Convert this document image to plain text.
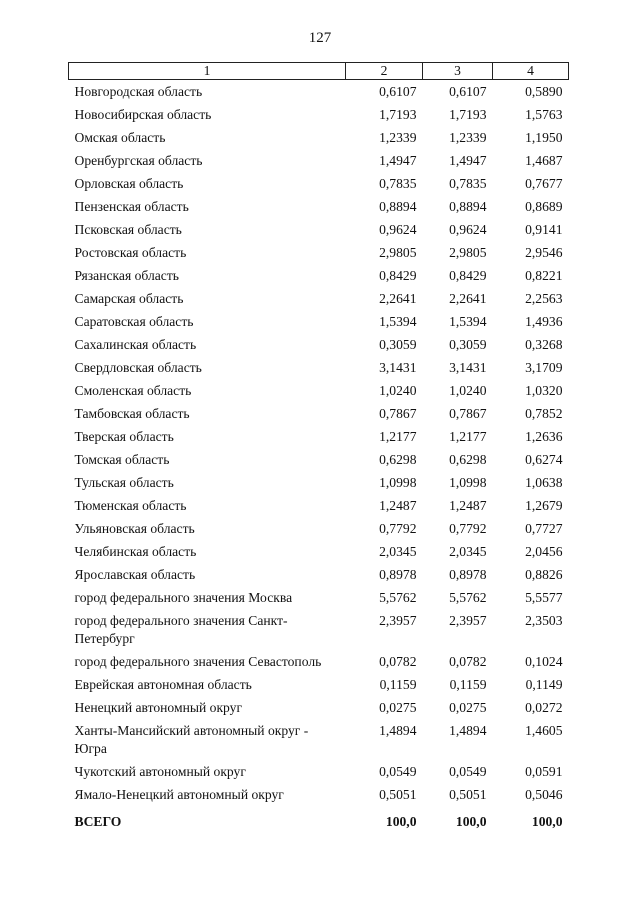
127
1	2	3	4
Новгородская область	0,6107	0,6107	0,5890
Новосибирская область	1,7193	1,7193	1,5763
Омская область	1,2339	1,2339	1,1950
Оренбургская область	1,4947	1,4947	1,4687
Орловская область	0,7835	0,7835	0,7677
Пензенская область	0,8894	0,8894	0,8689
Псковская область	0,9624	0,9624	0,9141
Ростовская область	2,9805	2,9805	2,9546
Рязанская область	0,8429	0,8429	0,8221
Самарская область	2,2641	2,2641	2,2563
Саратовская область	1,5394	1,5394	1,4936
Сахалинская область	0,3059	0,3059	0,3268
Свердловская область	3,1431	3,1431	3,1709
Смоленская область	1,0240	1,0240	1,0320
Тамбовская область	0,7867	0,7867	0,7852
Тверская область	1,2177	1,2177	1,2636
Томская область	0,6298	0,6298	0,6274
Тульская область	1,0998	1,0998	1,0638
Тюменская область	1,2487	1,2487	1,2679
Ульяновская область	0,7792	0,7792	0,7727
Челябинская область	2,0345	2,0345	2,0456
Ярославская область	0,8978	0,8978	0,8826
город федерального значения Москва	5,5762	5,5762	5,5577
город федерального значения Санкт-Петербург	2,3957	2,3957	2,3503
город федерального значения Севастополь	0,0782	0,0782	0,1024
Еврейская автономная область	0,1159	0,1159	0,1149
Ненецкий автономный округ	0,0275	0,0275	0,0272
Ханты-Мансийский автономный округ - Югра	1,4894	1,4894	1,4605
Чукотский автономный округ	0,0549	0,0549	0,0591
Ямало-Ненецкий автономный округ	0,5051	0,5051	0,5046
ВСЕГО	100,0	100,0	100,0
